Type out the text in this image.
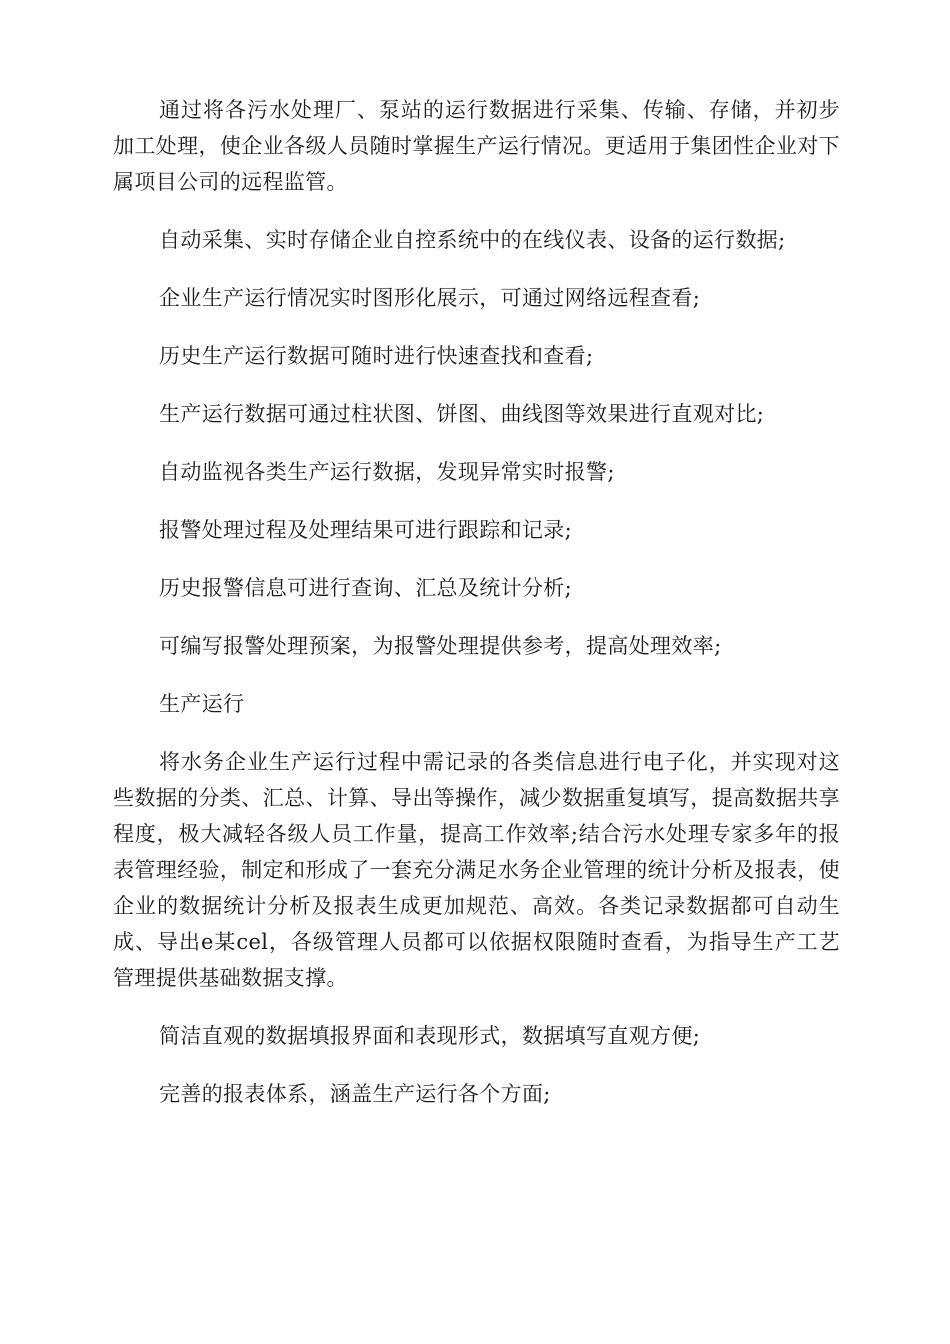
通过将各污水处理厂、泵站的运行数据进行采集、传输、存储，并初步加工处理，使企业各级人员随时掌握生产运行情况。更适用于集团性企业对下属项目公司的远程监管。

自动采集、实时存储企业自控系统中的在线仪表、设备的运行数据;

企业生产运行情况实时图形化展示，可通过网络远程查看;

历史生产运行数据可随时进行快速查找和查看;

生产运行数据可通过柱状图、饼图、曲线图等效果进行直观对比;

自动监视各类生产运行数据，发现异常实时报警;

报警处理过程及处理结果可进行跟踪和记录;

历史报警信息可进行查询、汇总及统计分析;

可编写报警处理预案，为报警处理提供参考，提高处理效率;

生产运行

将水务企业生产运行过程中需记录的各类信息进行电子化，并实现对这些数据的分类、汇总、计算、导出等操作，减少数据重复填写，提高数据共享程度，极大减轻各级人员工作量，提高工作效率;结合污水处理专家多年的报表管理经验，制定和形成了一套充分满足水务企业管理的统计分析及报表，使企业的数据统计分析及报表生成更加规范、高效。各类记录数据都可自动生成、导出e某cel，各级管理人员都可以依据权限随时查看，为指导生产工艺管理提供基础数据支撑。

简洁直观的数据填报界面和表现形式，数据填写直观方便;

完善的报表体系，涵盖生产运行各个方面;
